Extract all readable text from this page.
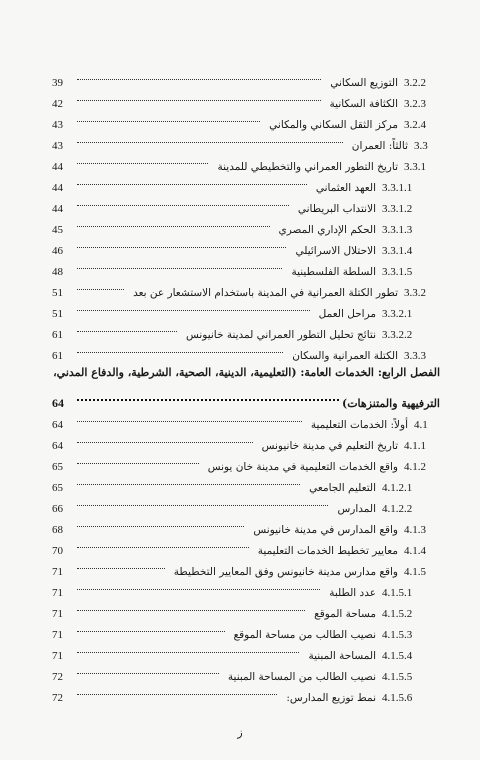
3.2.2
التوزيع السكاني
39
3.2.3
الكثافة السكانية
42
3.2.4
مركز الثقل السكاني والمكاني
43
3.3
ثالثاً: العمران
43
3.3.1
تاريخ التطور العمراني والتخطيطي للمدينة
44
3.3.1.1
العهد العثماني
44
3.3.1.2
الانتداب البريطاني
44
3.3.1.3
الحكم الإداري المصري
45
3.3.1.4
الاحتلال الاسرائيلي
46
3.3.1.5
السلطة الفلسطينية
48
3.3.2
تطور الكتلة العمرانية في المدينة باستخدام الاستشعار عن بعد
51
3.3.2.1
مراحل العمل
51
3.3.2.2
نتائج تحليل التطور العمراني لمدينة خانيونس
61
3.3.3
الكتلة العمرانية والسكان
61
الفصل الرابع: الخدمات العامة: (التعليمية، الدينية، الصحية، الشرطية، والدفاع المدني،
الترفيهية والمتنزهات)
64
4.1
أولاً: الخدمات التعليمية
64
4.1.1
تاريخ التعليم في مدينة خانيونس
64
4.1.2
واقع الخدمات التعليمية في مدينة خان يونس
65
4.1.2.1
التعليم الجامعي
65
4.1.2.2
المدارس
66
4.1.3
واقع المدارس في مدينة خانيونس
68
4.1.4
معايير تخطيط الخدمات التعليمية
70
4.1.5
واقع مدارس مدينة خانيونس وفق المعايير التخطيطة
71
4.1.5.1
عدد الطلبة
71
4.1.5.2
مساحة الموقع
71
4.1.5.3
نصيب الطالب من مساحة الموقع
71
4.1.5.4
المساحة المبنية
71
4.1.5.5
نصيب الطالب من المساحة المبنية
72
4.1.5.6
نمط توزيع المدارس:
72
ز
